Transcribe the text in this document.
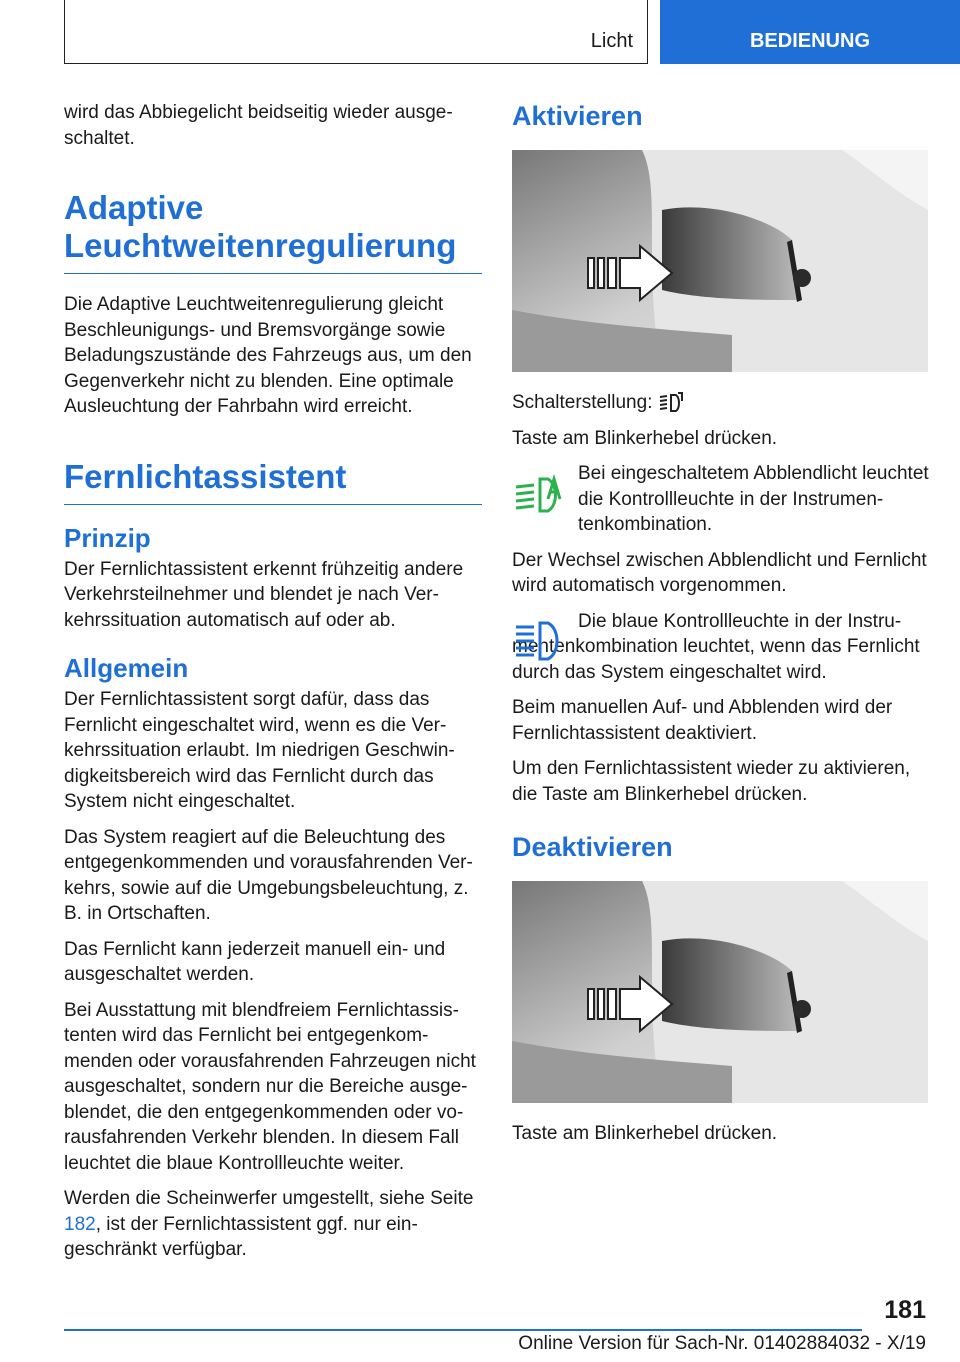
Licht	BEDIENUNG

wird das Abbiegelicht beidseitig wieder ausgeschaltet.

Adaptive Leuchtweitenregulierung

Die Adaptive Leuchtweitenregulierung gleicht Beschleunigungs- und Bremsvorgänge sowie Beladungszustände des Fahrzeugs aus, um den Gegenverkehr nicht zu blenden. Eine optimale Ausleuchtung der Fahrbahn wird erreicht.

Fernlichtassistent
Prinzip

Der Fernlichtassistent erkennt frühzeitig andere Verkehrsteilnehmer und blendet je nach Verkehrssituation automatisch auf oder ab.

Allgemein

Der Fernlichtassistent sorgt dafür, dass das Fernlicht eingeschaltet wird, wenn es die Verkehrssituation erlaubt. Im niedrigen Geschwindigkeitsbereich wird das Fernlicht durch das System nicht eingeschaltet.

Das System reagiert auf die Beleuchtung des entgegenkommenden und vorausfahrenden Verkehrs, sowie auf die Umgebungsbeleuchtung, z. B. in Ortschaften.

Das Fernlicht kann jederzeit manuell ein- und ausgeschaltet werden.

Bei Ausstattung mit blendfreiem Fernlichtassistenten wird das Fernlicht bei entgegenkommenden oder vorausfahrenden Fahrzeugen nicht ausgeschaltet, sondern nur die Bereiche ausgeblendet, die den entgegenkommenden oder vorausfahrenden Verkehr blenden. In diesem Fall leuchtet die blaue Kontrollleuchte weiter.

Werden die Scheinwerfer umgestellt, siehe Seite 182, ist der Fernlichtassistent ggf. nur eingeschränkt verfügbar.

Aktivieren

Schalterstellung:

Taste am Blinkerhebel drücken.

Bei eingeschaltetem Abblendlicht leuchtet die Kontrollleuchte in der Instrumentenkombination.

Der Wechsel zwischen Abblendlicht und Fernlicht wird automatisch vorgenommen.

Die blaue Kontrollleuchte in der Instrumentenkombination leuchtet, wenn das Fernlicht durch das System eingeschaltet wird.

Beim manuellen Auf- und Abblenden wird der Fernlichtassistent deaktiviert.

Um den Fernlichtassistent wieder zu aktivieren, die Taste am Blinkerhebel drücken.

Deaktivieren

Taste am Blinkerhebel drücken.

181
Online Version für Sach-Nr. 01402884032 - X/19
